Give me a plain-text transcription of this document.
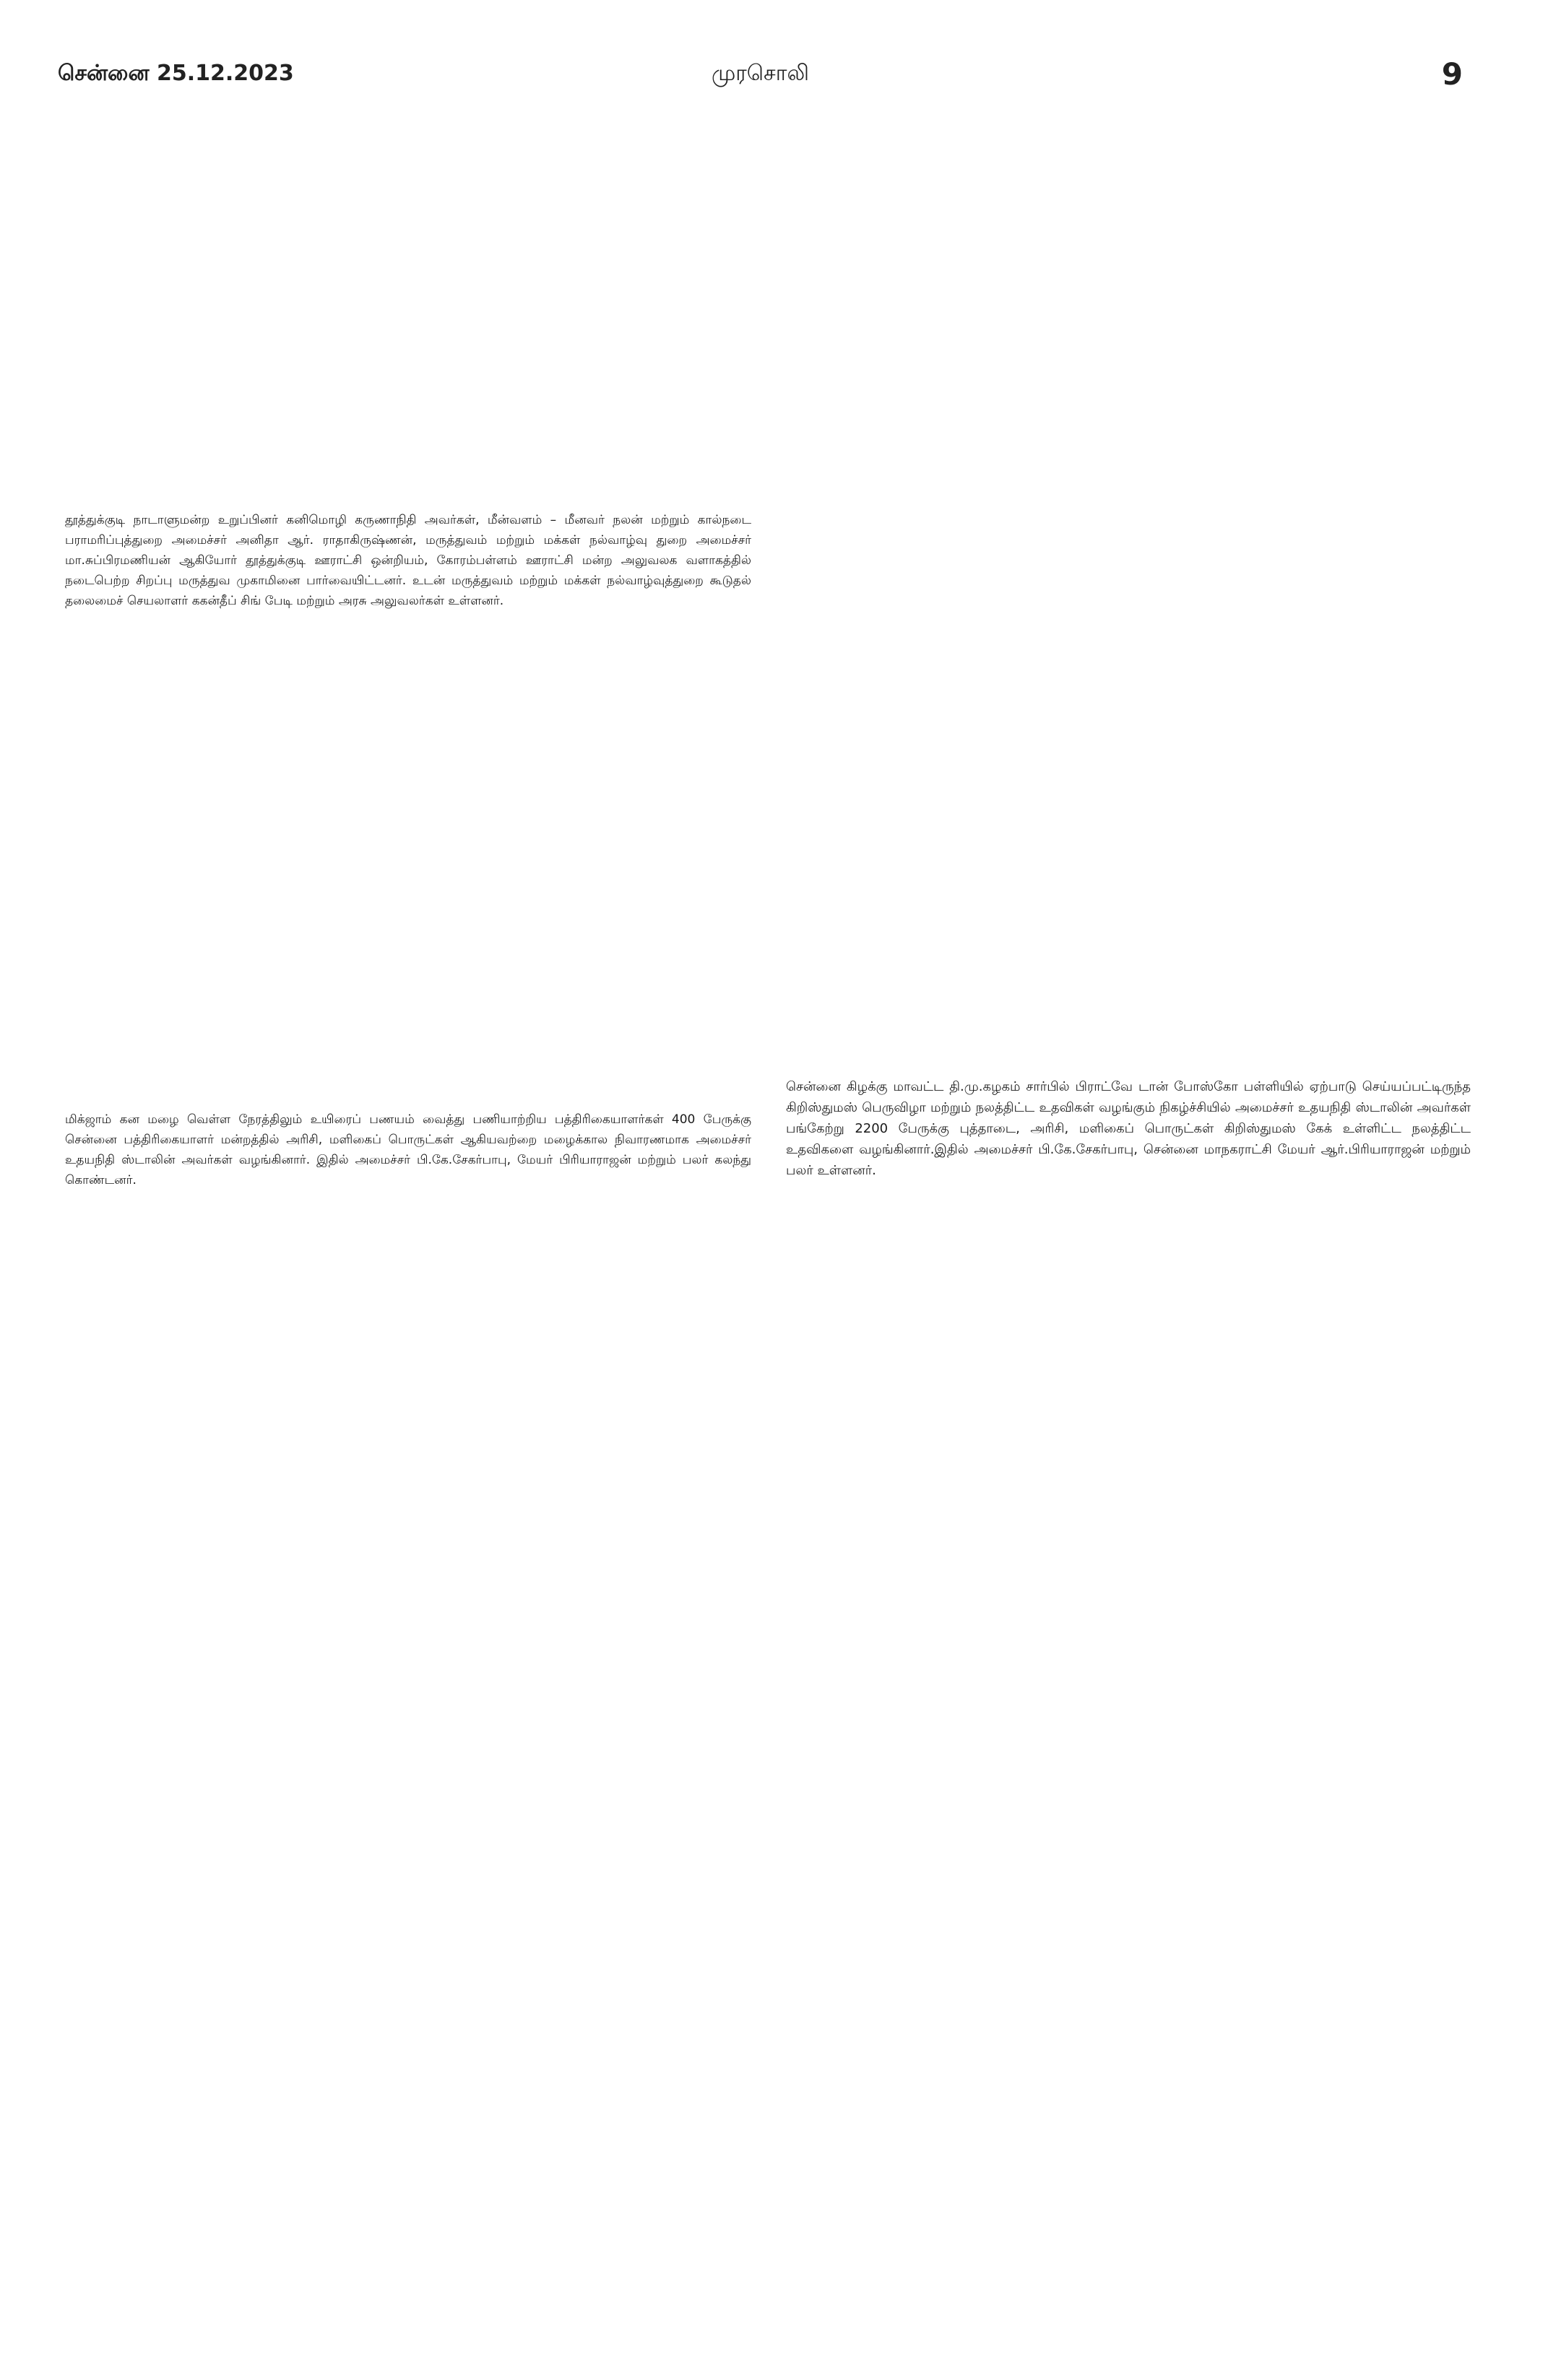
சென்னை 25.12.2023	முரசொலி	9
தூத்துக்குடி நாடாளுமன்ற உறுப்பினர் கனிமொழி கருணாநிதி அவர்கள், மீன்வளம் – மீனவர் நலன் மற்றும் கால்நடை பராமரிப்புத்துறை அமைச்சர் அனிதா ஆர். ராதாகிருஷ்ணன், மருத்துவம் மற்றும் மக்கள் நல்வாழ்வு துறை அமைச்சர் மா.சுப்பிரமணியன் ஆகியோர் தூத்துக்குடி ஊராட்சி ஒன்றியம், கோரம்பள்ளம் ஊராட்சி மன்ற அலுவலக வளாகத்தில் நடைபெற்ற சிறப்பு மருத்துவ முகாமினை பார்வையிட்டனர். உடன் மருத்துவம் மற்றும் மக்கள் நல்வாழ்வுத்துறை கூடுதல் தலைமைச் செயலாளர் ககன்தீப் சிங் பேடி மற்றும் அரசு அலுவலர்கள் உள்ளனர்.
மிக்ஜாம் கன மழை வெள்ள நேரத்திலும் உயிரைப் பணயம் வைத்து பணியாற்றிய பத்திரிகையாளர்கள் 400 பேருக்கு சென்னை பத்திரிகையாளர் மன்றத்தில் அரிசி, மளிகைப் பொருட்கள் ஆகியவற்றை மழைக்கால நிவாரணமாக அமைச்சர் உதயநிதி ஸ்டாலின் அவர்கள் வழங்கினார். இதில் அமைச்சர் பி.கே.சேகர்பாபு, மேயர் பிரியாராஜன் மற்றும் பலர் கலந்து கொண்டனர்.
சென்னை கிழக்கு மாவட்ட தி.மு.கழகம் சார்பில் பிராட்வே டான் போஸ்கோ பள்ளியில் ஏற்பாடு செய்யப்பட்டிருந்த கிறிஸ்துமஸ் பெருவிழா மற்றும் நலத்திட்ட உதவிகள் வழங்கும் நிகழ்ச்சியில் அமைச்சர் உதயநிதி ஸ்டாலின் அவர்கள் பங்கேற்று 2200 பேருக்கு புத்தாடை, அரிசி, மளிகைப் பொருட்கள் கிறிஸ்துமஸ் கேக் உள்ளிட்ட நலத்திட்ட உதவிகளை வழங்கினார்.இதில் அமைச்சர் பி.கே.சேகர்பாபு, சென்னை மாநகராட்சி மேயர் ஆர்.பிரியாராஜன் மற்றும் பலர் உள்ளனர்.
